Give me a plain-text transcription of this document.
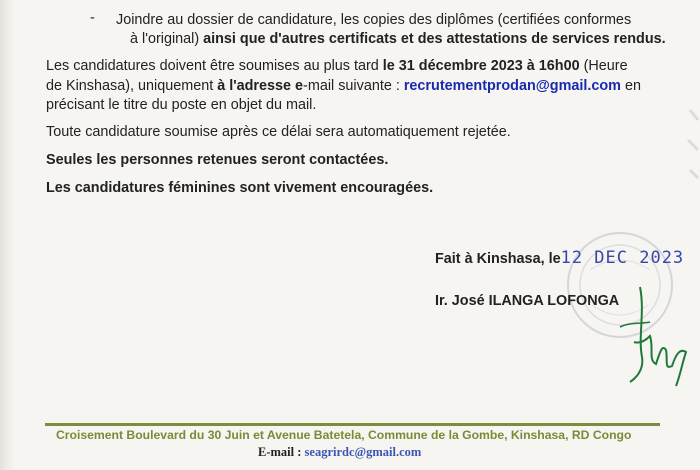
- Joindre au dossier de candidature, les copies des diplômes (certifiées conformes

à l'original) ainsi que d'autres certificats et des attestations de services rendus.

Les candidatures doivent être soumises au plus tard le 31 décembre 2023 à 16h00 (Heure

de Kinshasa), uniquement à l'adresse e-mail suivante : recrutementprodan@gmail.com en

précisant le titre du poste en objet du mail.

Toute candidature soumise après ce délai sera automatiquement rejetée.

Seules les personnes retenues seront contactées.

Les candidatures féminines sont vivement encouragées.

Fait à Kinshasa, le12 DEC 2023
Ir. José ILANGA LOFONGA
Croisement Boulevard du 30 Juin et Avenue Batetela, Commune de la Gombe, Kinshasa, RD Congo
E-mail : seagrirdc@gmail.com
